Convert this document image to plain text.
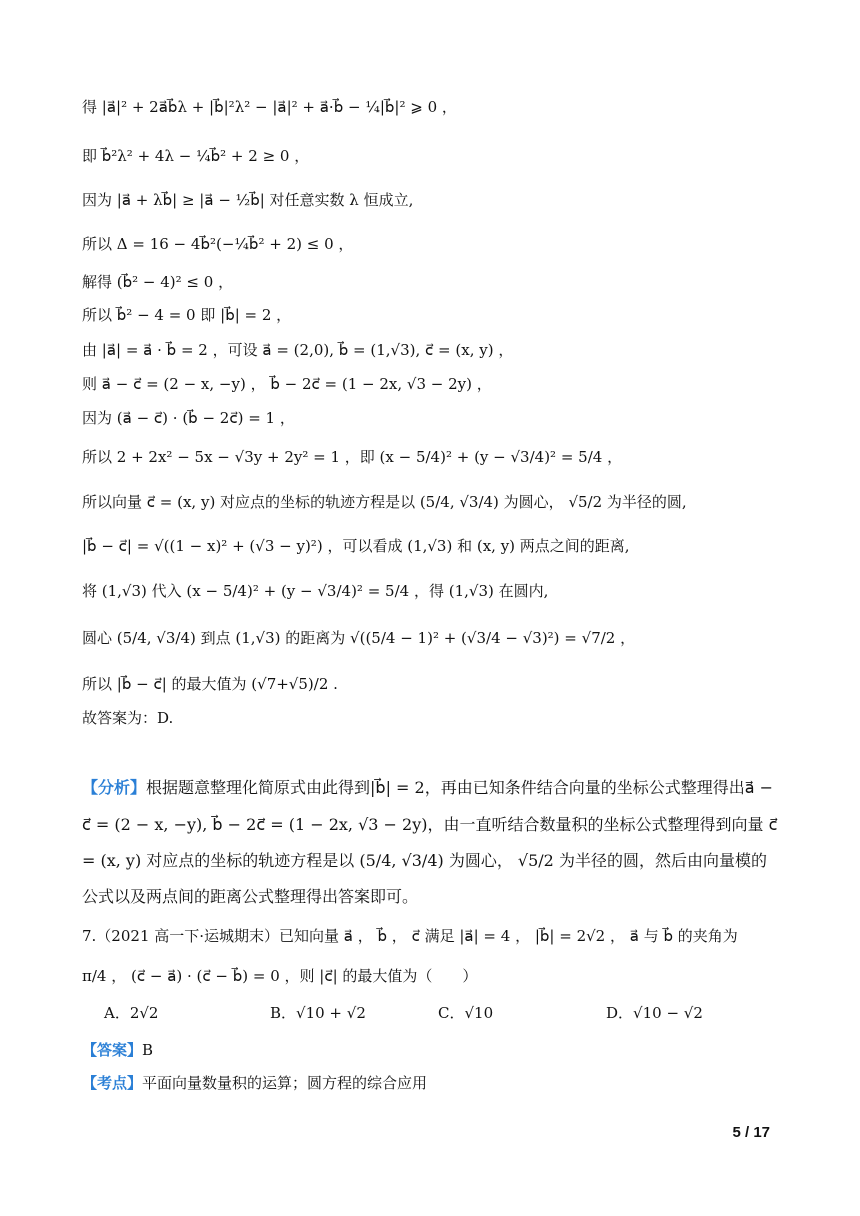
得 |a⃗|² + 2a⃗b⃗λ + |b⃗|²λ² − |a⃗|² + a⃗·b⃗ − ¼|b⃗|² ⩾ 0 ，
即 b⃗²λ² + 4λ − ¼b⃗² + 2 ≥ 0 ，
因为 |a⃗ + λb⃗| ≥ |a⃗ − ½b⃗| 对任意实数 λ 恒成立,
所以 Δ = 16 − 4b⃗²(−¼b⃗² + 2) ≤ 0 ，
解得 (b⃗² − 4)² ≤ 0 ，
所以 b⃗² − 4 = 0 即 |b⃗| = 2 ，
由 |a⃗| = a⃗ · b⃗ = 2 ，可设 a⃗ = (2,0), b⃗ = (1,√3), c⃗ = (x, y) ，
则 a⃗ − c⃗ = (2 − x, −y) ， b⃗ − 2c⃗ = (1 − 2x, √3 − 2y) ，
因为 (a⃗ − c⃗) · (b⃗ − 2c⃗) = 1 ，
所以 2 + 2x² − 5x − √3y + 2y² = 1 ，即 (x − 5/4)² + (y − √3/4)² = 5/4 ，
所以向量 c⃗ = (x, y) 对应点的坐标的轨迹方程是以 (5/4, √3/4) 为圆心， √5/2 为半径的圆,
|b⃗ − c⃗| = √((1 − x)² + (√3 − y)²) ，可以看成 (1,√3) 和 (x, y) 两点之间的距离,
将 (1,√3) 代入 (x − 5/4)² + (y − √3/4)² = 5/4 ，得 (1,√3) 在圆内,
圆心 (5/4, √3/4) 到点 (1,√3) 的距离为 √((5/4 − 1)² + (√3/4 − √3)²) = √7/2 ，
所以 |b⃗ − c⃗| 的最大值为 (√7+√5)/2 .
故答案为：D.
【分析】根据题意整理化简原式由此得到|b⃗| = 2，再由已知条件结合向量的坐标公式整理得出a⃗ − c⃗ = (2 − x, −y), b⃗ − 2c⃗ = (1 − 2x, √3 − 2y)，由一直听结合数量积的坐标公式整理得到向量 c⃗ = (x, y) 对应点的坐标的轨迹方程是以 (5/4, √3/4) 为圆心， √5/2 为半径的圆，然后由向量模的公式以及两点间的距离公式整理得出答案即可。
7.（2021 高一下·运城期末）已知向量 a⃗ ， b⃗ ， c⃗ 满足 |a⃗| = 4 ， |b⃗| = 2√2 ， a⃗ 与 b⃗ 的夹角为
π/4 ， (c⃗ − a⃗) · (c⃗ − b⃗) = 0 ，则 |c⃗| 的最大值为（　　）
A．2√2	B．√10 + √2	C．√10	D．√10 − √2
【答案】B
【考点】平面向量数量积的运算；圆方程的综合应用
5 / 17
